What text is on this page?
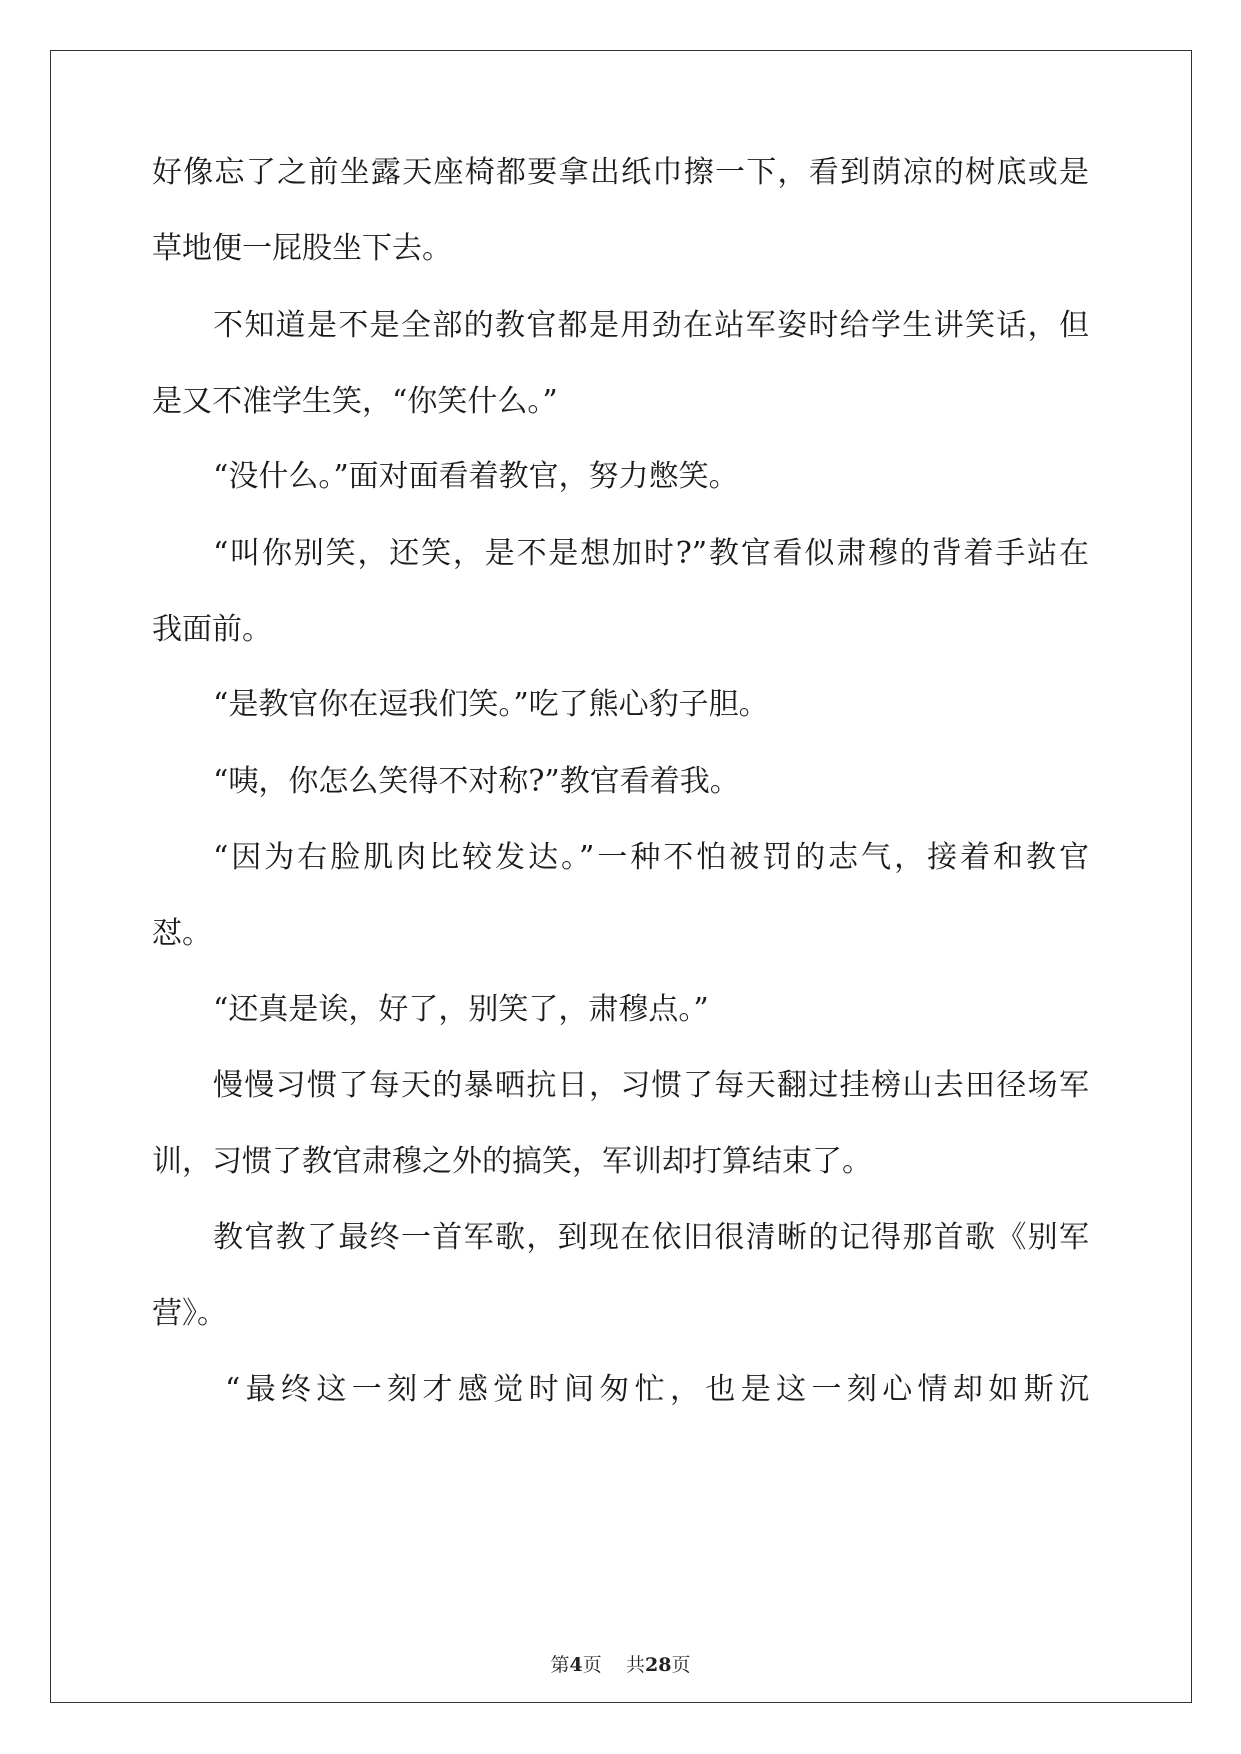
好像忘了之前坐露天座椅都要拿出纸巾擦一下，看到荫凉的树底或是
草地便一屁股坐下去。
不知道是不是全部的教官都是用劲在站军姿时给学生讲笑话，但
是又不准学生笑，“你笑什么。”
“没什么。”面对面看着教官，努力憋笑。
“叫你别笑，还笑，是不是想加时?”教官看似肃穆的背着手站在
我面前。
“是教官你在逗我们笑。”吃了熊心豹子胆。
“咦，你怎么笑得不对称?”教官看着我。
“因为右脸肌肉比较发达。”一种不怕被罚的志气，接着和教官
怼。
“还真是诶，好了，别笑了，肃穆点。”
慢慢习惯了每天的暴晒抗日，习惯了每天翻过挂榜山去田径场军
训，习惯了教官肃穆之外的搞笑，军训却打算结束了。
教官教了最终一首军歌，到现在依旧很清晰的记得那首歌《别军
营》。
“最终这一刻才感觉时间匆忙，也是这一刻心情却如斯沉
第4页 共28页
